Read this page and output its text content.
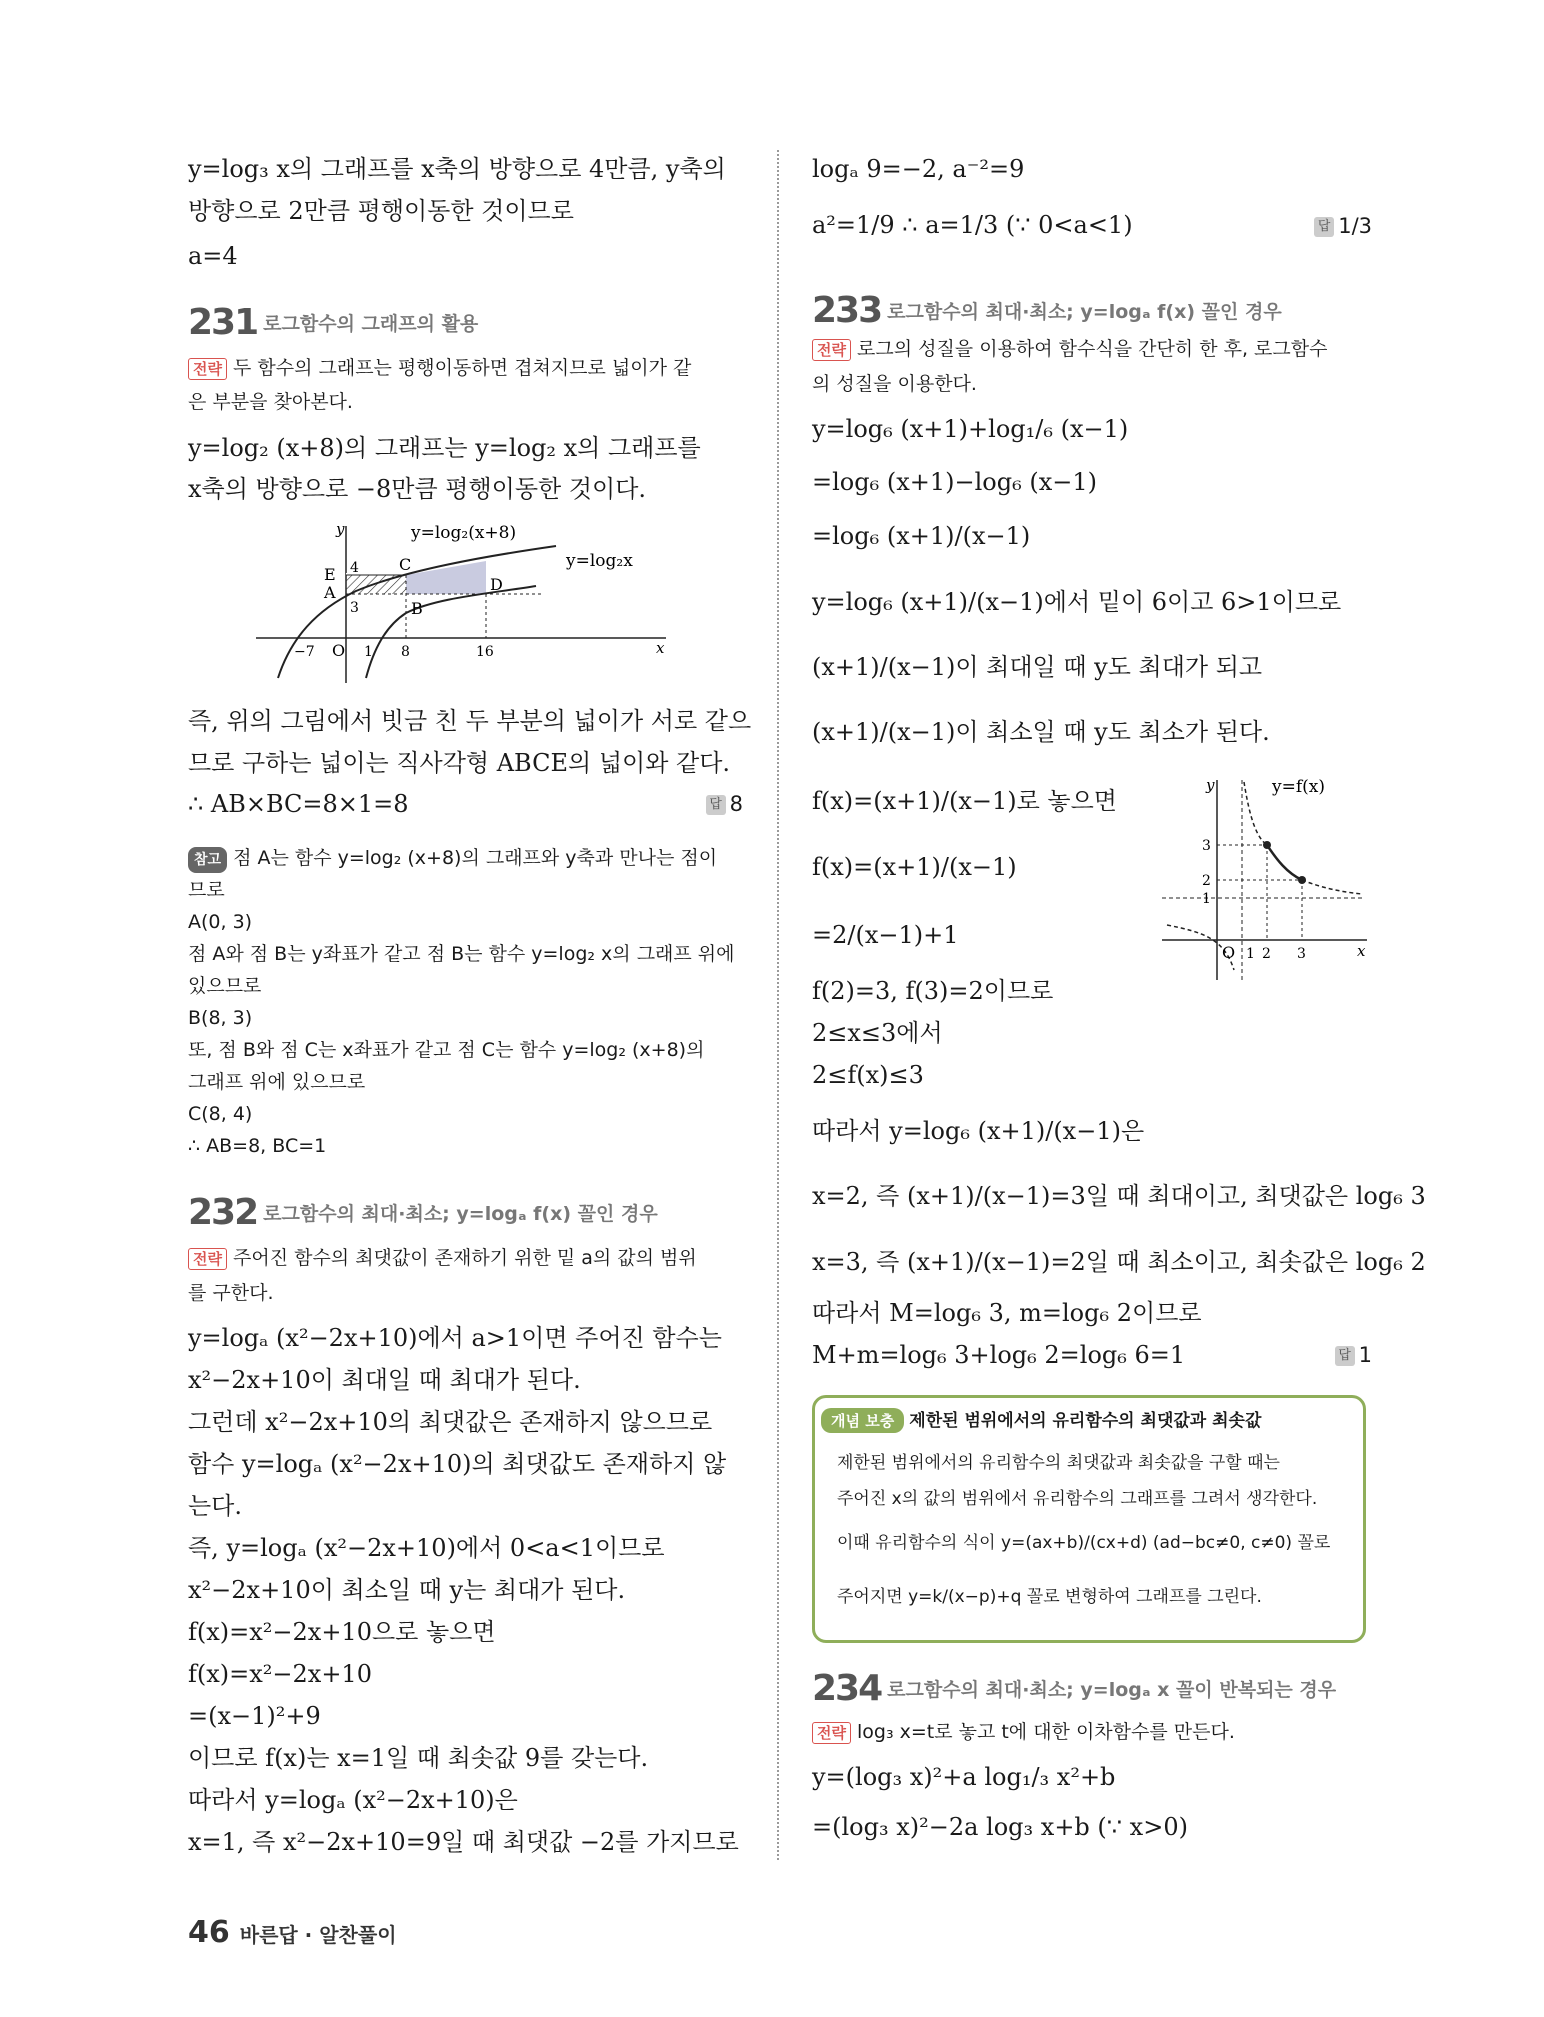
y=log₃ x의 그래프를 x축의 방향으로 4만큼, y축의
방향으로 2만큼 평행이동한 것이므로
a=4
231 로그함수의 그래프의 활용
전략 두 함수의 그래프는 평행이동하면 겹쳐지므로 넓이가 같
은 부분을 찾아본다.
y=log₂ (x+8)의 그래프는 y=log₂ x의 그래프를
x축의 방향으로 −8만큼 평행이동한 것이다.
y=log₂(x+8)
y=log₂x
y
x
E
A
C
B
D
O
4
3
−7	1 8	16
즉, 위의 그림에서 빗금 친 두 부분의 넓이가 서로 같으
므로 구하는 넓이는 직사각형 ABCE의 넓이와 같다.
∴ AB×BC=8×1=8	답 8
참고 점 A는 함수 y=log₂ (x+8)의 그래프와 y축과 만나는 점이
므로
A(0, 3)
점 A와 점 B는 y좌표가 같고 점 B는 함수 y=log₂ x의 그래프 위에
있으므로
B(8, 3)
또, 점 B와 점 C는 x좌표가 같고 점 C는 함수 y=log₂ (x+8)의
그래프 위에 있으므로
C(8, 4)
∴ AB=8, BC=1
232 로그함수의 최대·최소; y=logₐ f(x) 꼴인 경우
전략 주어진 함수의 최댓값이 존재하기 위한 밑 a의 값의 범위
를 구한다.
y=logₐ (x²−2x+10)에서 a>1이면 주어진 함수는
x²−2x+10이 최대일 때 최대가 된다.
그런데 x²−2x+10의 최댓값은 존재하지 않으므로
함수 y=logₐ (x²−2x+10)의 최댓값도 존재하지 않
는다.
즉, y=logₐ (x²−2x+10)에서 0<a<1이므로
x²−2x+10이 최소일 때 y는 최대가 된다.
f(x)=x²−2x+10으로 놓으면
f(x)=x²−2x+10
=(x−1)²+9
이므로 f(x)는 x=1일 때 최솟값 9를 갖는다.
따라서 y=logₐ (x²−2x+10)은
x=1, 즉 x²−2x+10=9일 때 최댓값 −2를 가지므로
logₐ 9=−2, a⁻²=9
a²=1/9 ∴ a=1/3 (∵ 0<a<1)	답 1/3
233 로그함수의 최대·최소; y=logₐ f(x) 꼴인 경우
전략 로그의 성질을 이용하여 함수식을 간단히 한 후, 로그함수
의 성질을 이용한다.
y=log₆ (x+1)+log₁/₆ (x−1)
=log₆ (x+1)−log₆ (x−1)
=log₆ (x+1)/(x−1)
y=log₆ (x+1)/(x−1)에서 밑이 6이고 6>1이므로
(x+1)/(x−1)이 최대일 때 y도 최대가 되고
(x+1)/(x−1)이 최소일 때 y도 최소가 된다.
f(x)=(x+1)/(x−1)로 놓으면
f(x)=(x+1)/(x−1)
=2/(x−1)+1
y=f(x)
y
x
O
3
2
1
1 2 3
f(2)=3, f(3)=2이므로
2≤x≤3에서
2≤f(x)≤3
따라서 y=log₆ (x+1)/(x−1)은
x=2, 즉 (x+1)/(x−1)=3일 때 최대이고, 최댓값은 log₆ 3
x=3, 즉 (x+1)/(x−1)=2일 때 최소이고, 최솟값은 log₆ 2
따라서 M=log₆ 3, m=log₆ 2이므로
M+m=log₆ 3+log₆ 2=log₆ 6=1	답 1
개념 보충 제한된 범위에서의 유리함수의 최댓값과 최솟값
제한된 범위에서의 유리함수의 최댓값과 최솟값을 구할 때는
주어진 x의 값의 범위에서 유리함수의 그래프를 그려서 생각한다.
이때 유리함수의 식이 y=(ax+b)/(cx+d) (ad−bc≠0, c≠0) 꼴로
주어지면 y=k/(x−p)+q 꼴로 변형하여 그래프를 그린다.
234 로그함수의 최대·최소; y=logₐ x 꼴이 반복되는 경우
전략 log₃ x=t로 놓고 t에 대한 이차함수를 만든다.
y=(log₃ x)²+a log₁/₃ x²+b
=(log₃ x)²−2a log₃ x+b (∵ x>0)
46 바른답 · 알찬풀이
